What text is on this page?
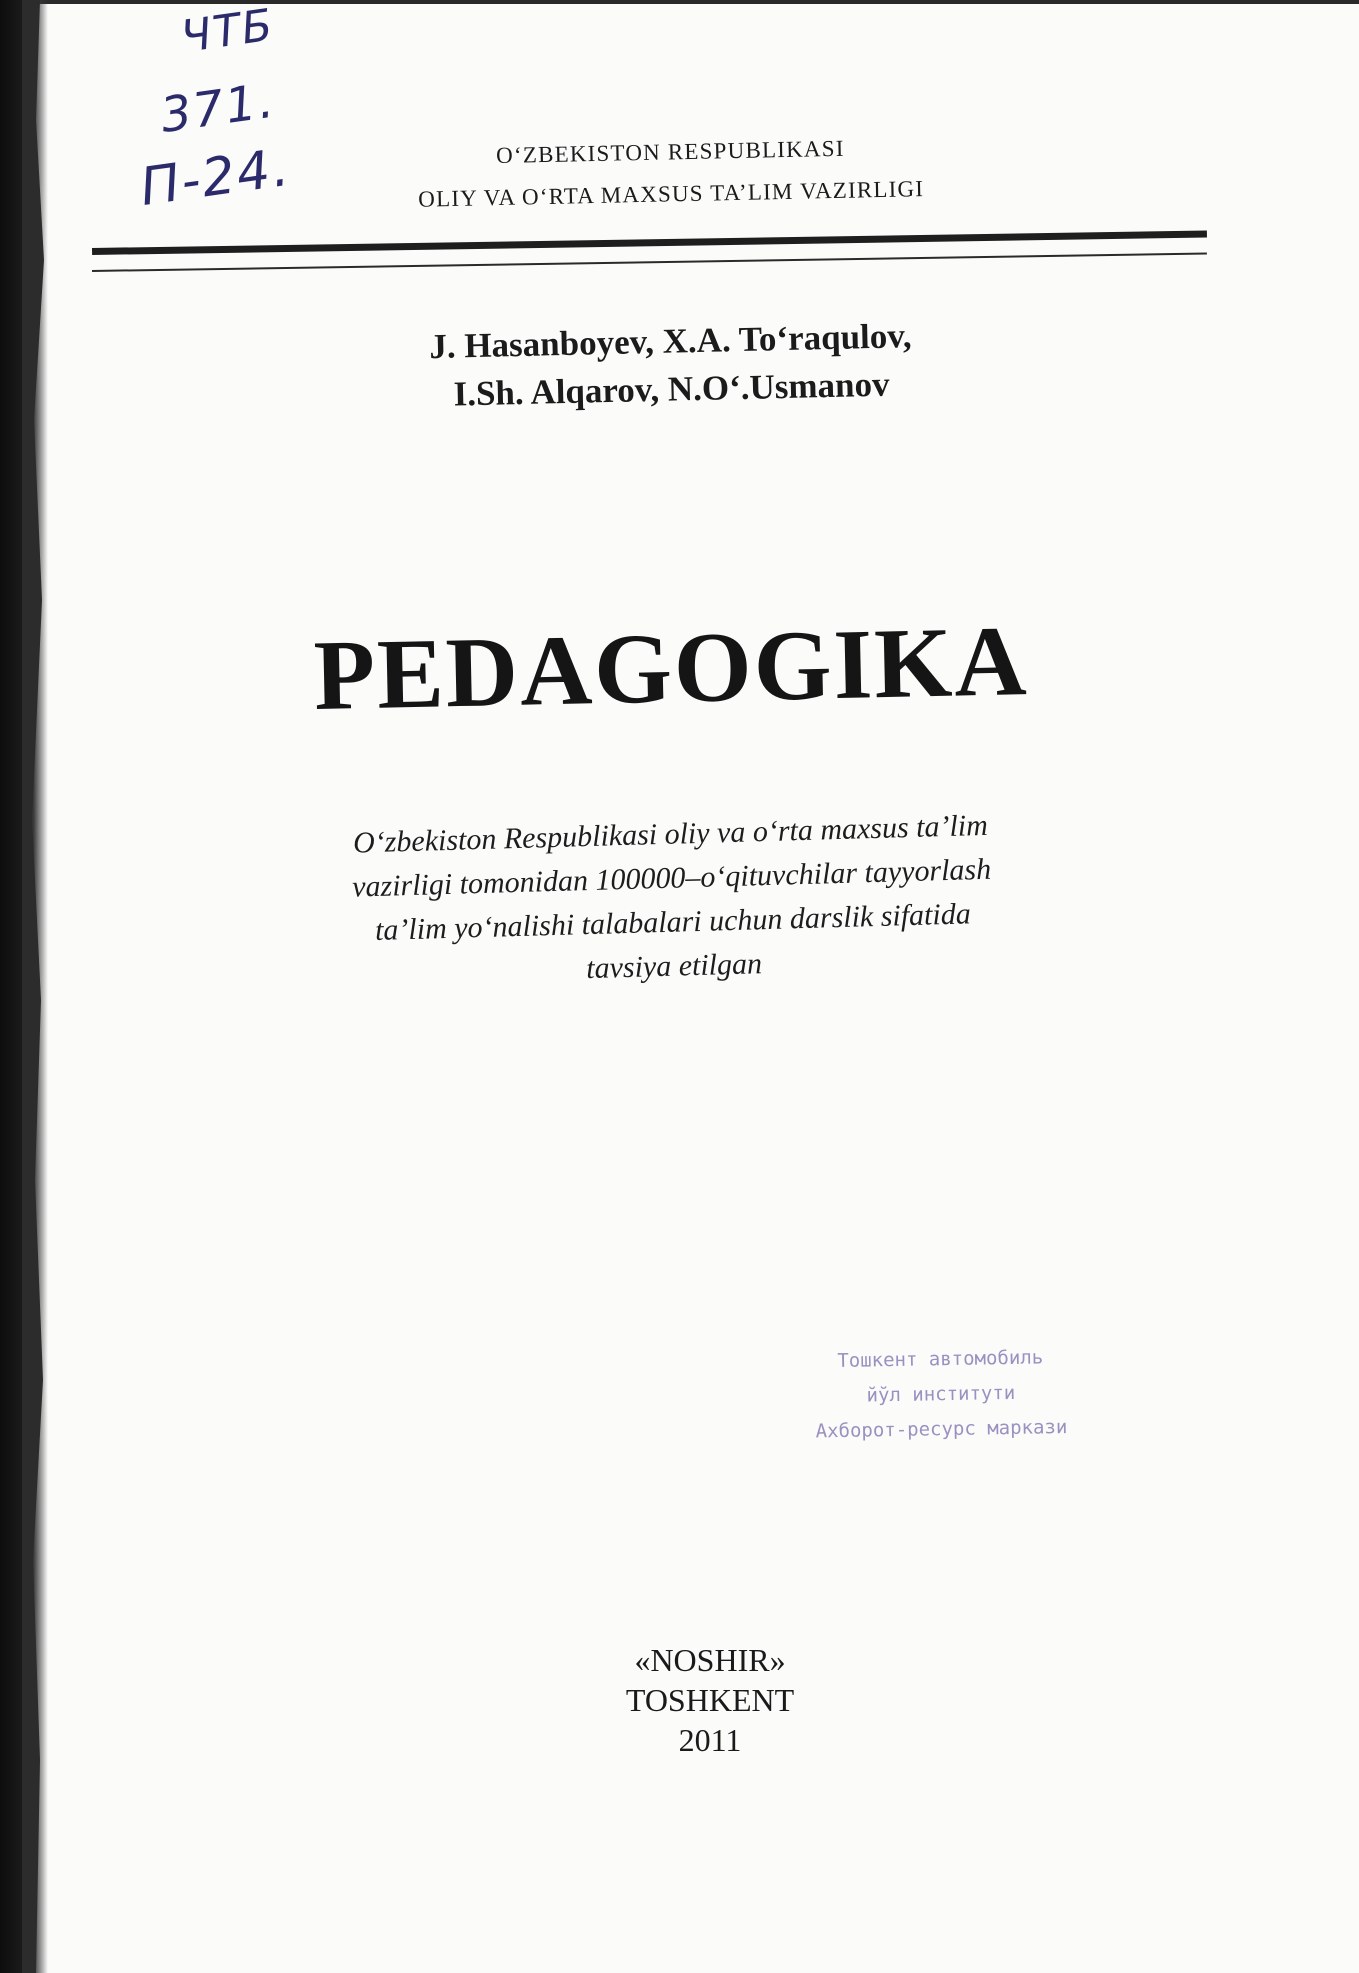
ЧТБ
371.
П-24.	O‘ZBEKISTON RESPUBLIKASI
OLIY VA O‘RTA MAXSUS TA’LIM VAZIRLIGI
J. Hasanboyev, X.A. To‘raqulov,
I.Sh. Alqarov, N.O‘.Usmanov
PEDAGOGIKA
O‘zbekiston Respublikasi oliy va o‘rta maxsus ta’lim
vazirligi tomonidan 100000–o‘qituvchilar tayyorlash
ta’lim yo‘nalishi talabalari uchun darslik sifatida
tavsiya etilgan
Тошкент автомобиль
йўл институти
Ахборот-ресурс маркази
«NOSHIR»
TOSHKENT
2011
